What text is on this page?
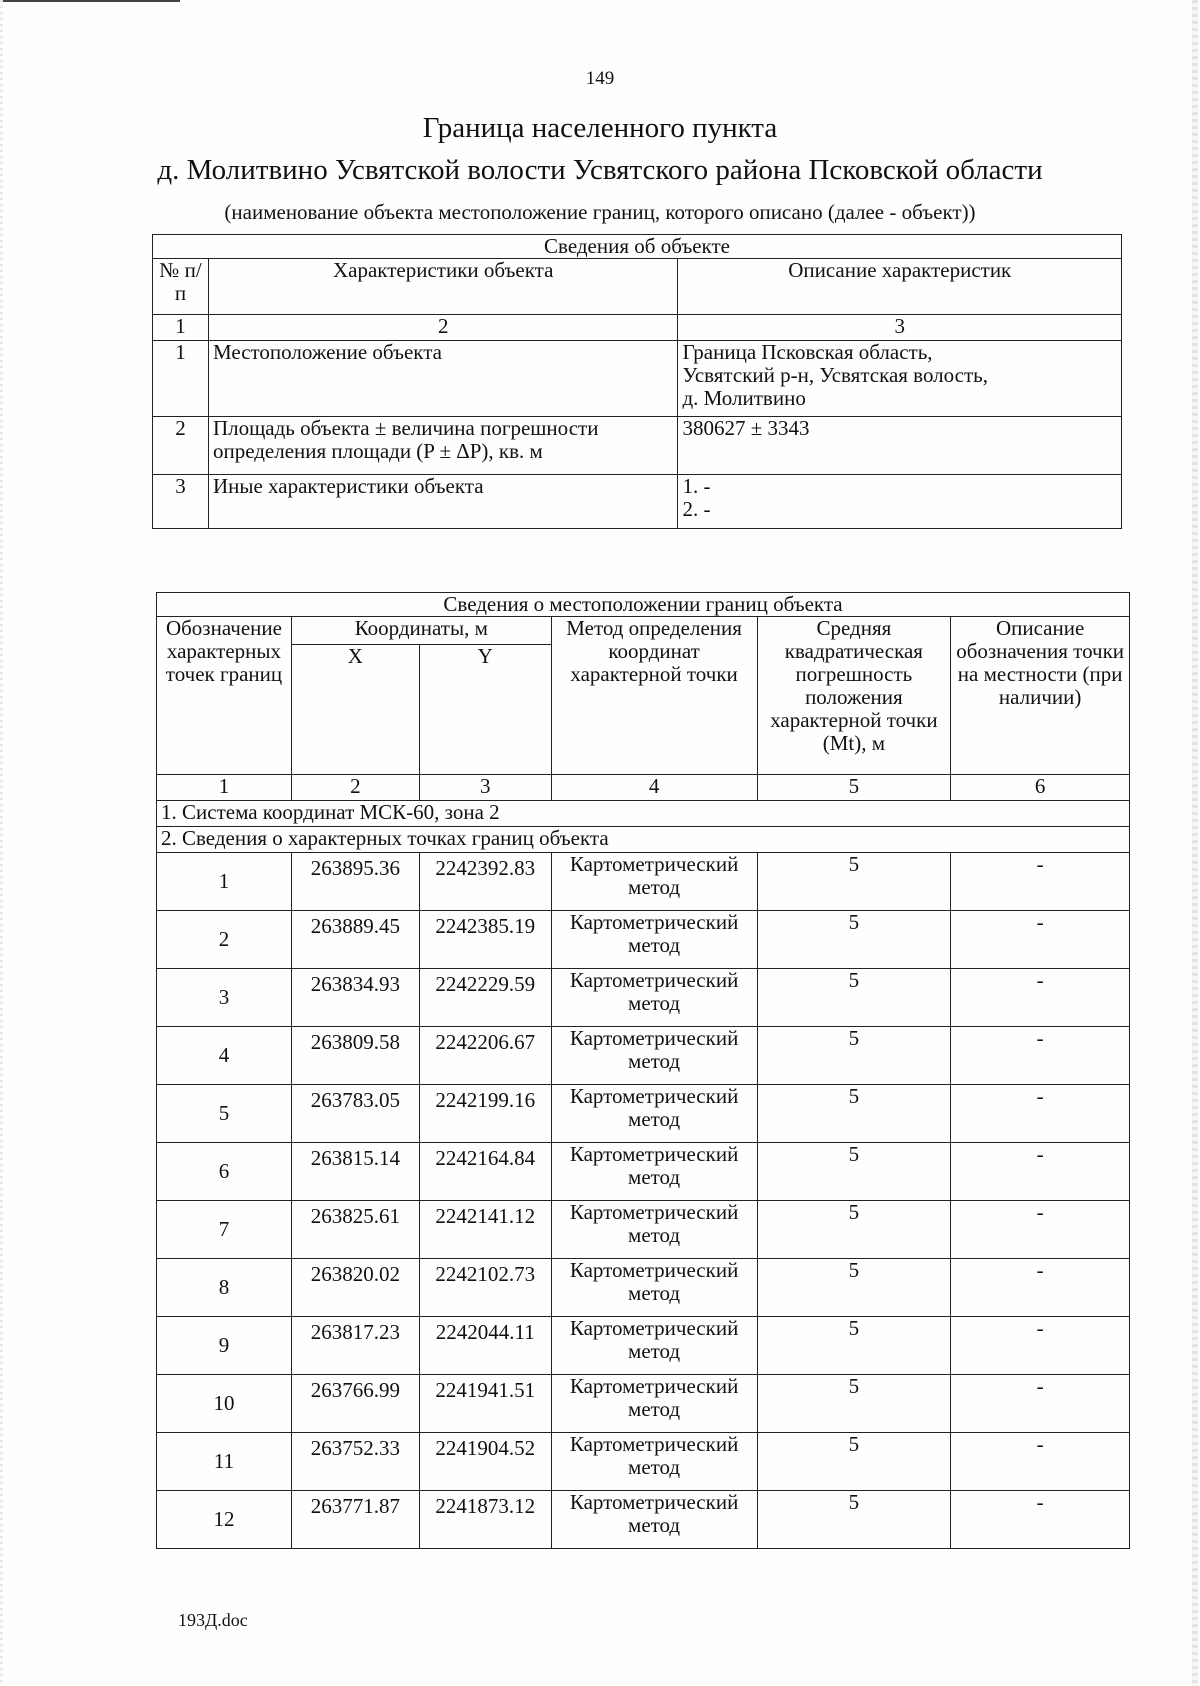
149
Граница населенного пункта
д. Молитвино Усвятской волости Усвятского района Псковской области
(наименование объекта местоположение границ, которого описано (далее - объект))
Сведения об объекте		
№ п/п	Характеристики объекта	Описание характеристик
1	2	3
1	Местоположение объекта	Граница Псковская область,
Усвятский р-н, Усвятская волость,
д. Молитвино

2	Площадь объекта ± величина погрешности определения площади (P ± ΔP), кв. м	380627 ± 3343

3	Иные характеристики объекта	1. -
2. -
Сведения о местоположении границ объекта					
Обозначение характерных точек границ	Координаты, м		Метод определения координат характерной точки	Средняя квадратическая погрешность положения характерной точки (Mt), м	Описание обозначения точки на местности (при наличии)
	X	Y			
1	2	3	4	5	6
1. Система координат МСК-60, зона 2					
2. Сведения о характерных точках границ объекта					
1	263895.36	2242392.83	Картометрический метод	5	-
2	263889.45	2242385.19	Картометрический метод	5	-
3	263834.93	2242229.59	Картометрический метод	5	-
4	263809.58	2242206.67	Картометрический метод	5	-
5	263783.05	2242199.16	Картометрический метод	5	-
6	263815.14	2242164.84	Картометрический метод	5	-
7	263825.61	2242141.12	Картометрический метод	5	-
8	263820.02	2242102.73	Картометрический метод	5	-
9	263817.23	2242044.11	Картометрический метод	5	-
10	263766.99	2241941.51	Картометрический метод	5	-
11	263752.33	2241904.52	Картометрический метод	5	-
12	263771.87	2241873.12	Картометрический метод	5	-
193Д.doc
